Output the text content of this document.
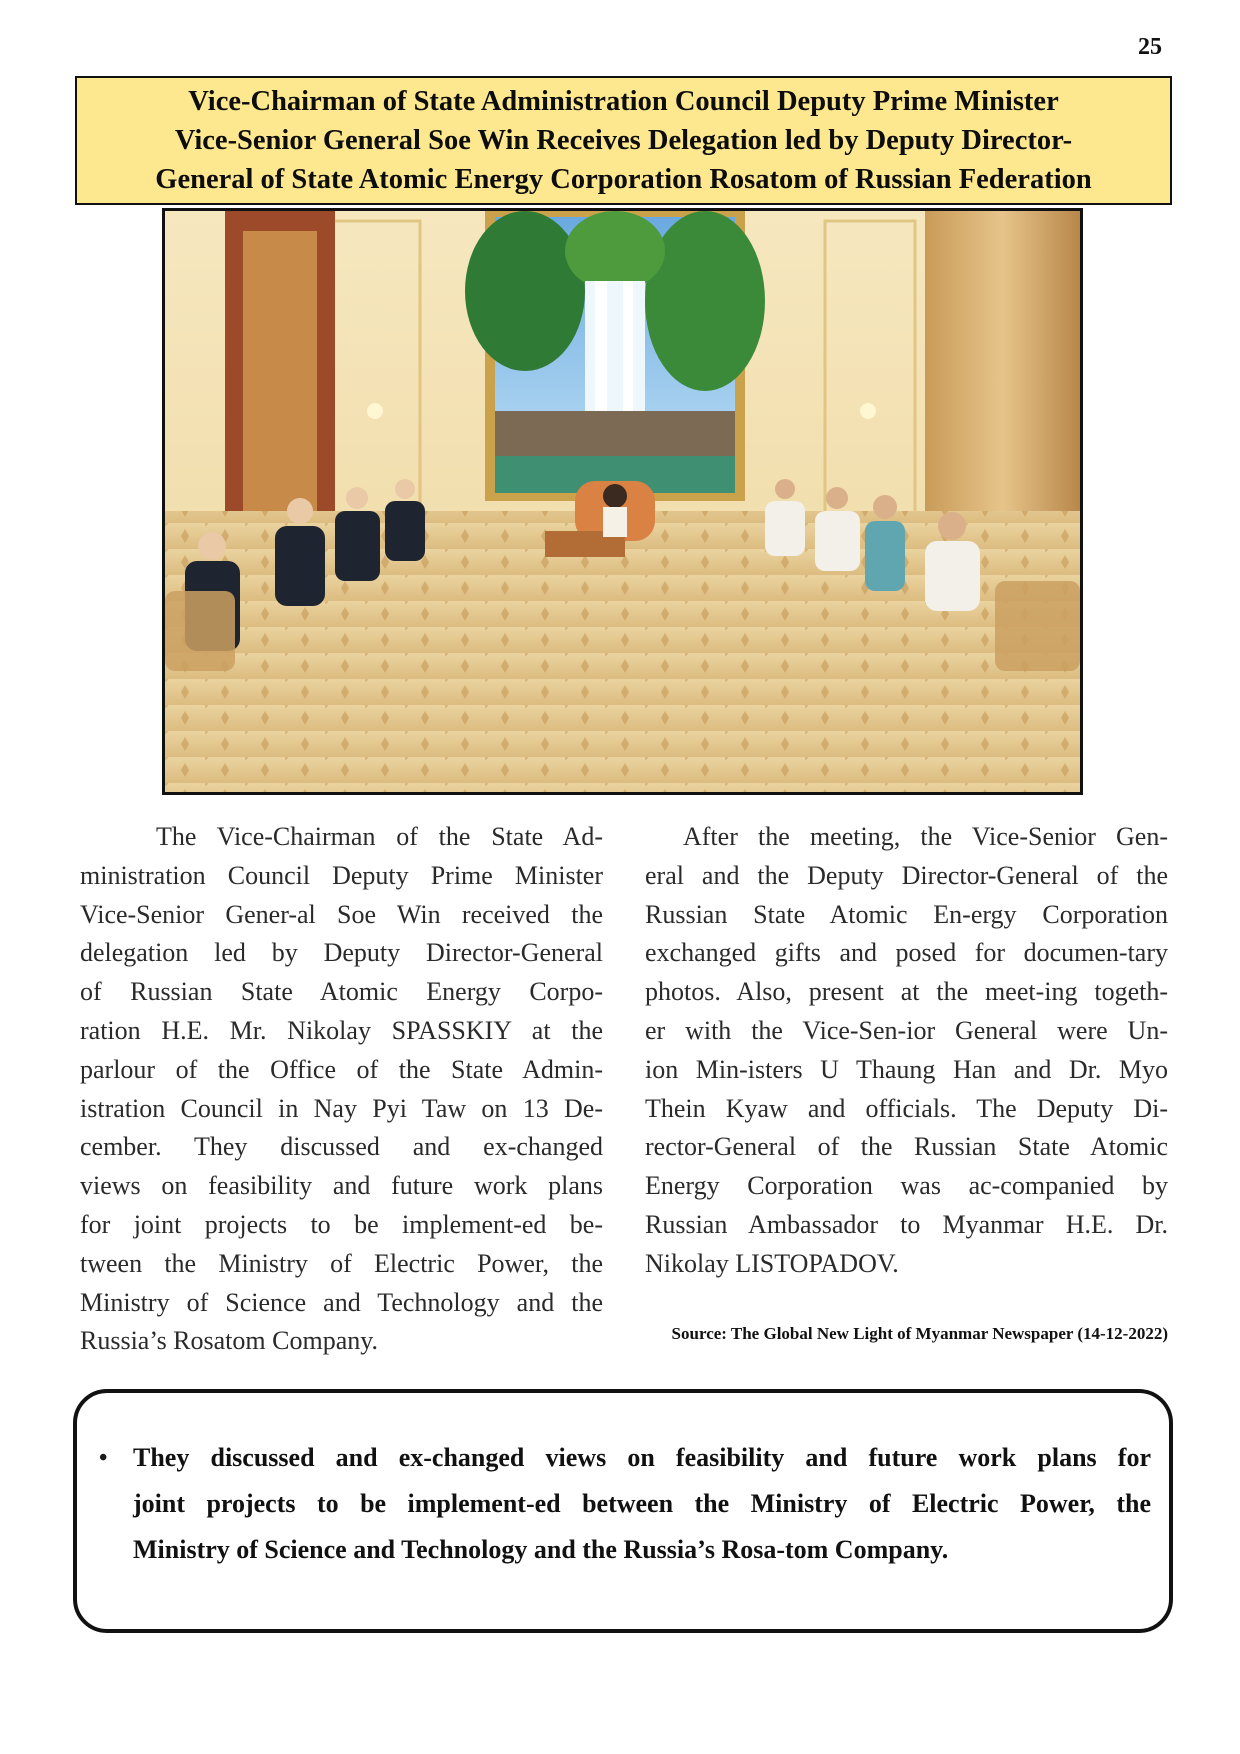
25
Vice-Chairman of State Administration Council Deputy Prime Minister
Vice-Senior General Soe Win Receives Delegation led by Deputy Director-
General of State Atomic Energy Corporation Rosatom of Russian Federation
The Vice-Chairman of the State Ad-
ministration Council Deputy Prime Minister
Vice-Senior Gener-al Soe Win received the
delegation led by Deputy Director-General
of Russian State Atomic Energy Corpo-
ration H.E. Mr. Nikolay SPASSKIY at the
parlour of the Office of the State Admin-
istration Council in Nay Pyi Taw on 13 De-
cember. They discussed and ex-changed
views on feasibility and future work plans
for joint projects to be implement-ed be-
tween the Ministry of Electric Power, the
Ministry of Science and Technology and the
Russia’s Rosatom Company.
After the meeting, the Vice-Senior Gen-
eral and the Deputy Director-General of the
Russian State Atomic En-ergy Corporation
exchanged gifts and posed for documen-tary
photos. Also, present at the meet-ing togeth-
er with the Vice-Sen-ior General were Un-
ion Min-isters U Thaung Han and Dr. Myo
Thein Kyaw and officials. The Deputy Di-
rector-General of the Russian State Atomic
Energy Corporation was ac-companied by
Russian Ambassador to Myanmar H.E. Dr.
Nikolay LISTOPADOV.
Source: The Global New Light of Myanmar Newspaper (14-12-2022)
• They discussed and ex-changed views on feasibility and future work plans for
joint projects to be implement-ed between the Ministry of Electric Power, the
Ministry of Science and Technology and the Russia’s Rosa-tom Company.
